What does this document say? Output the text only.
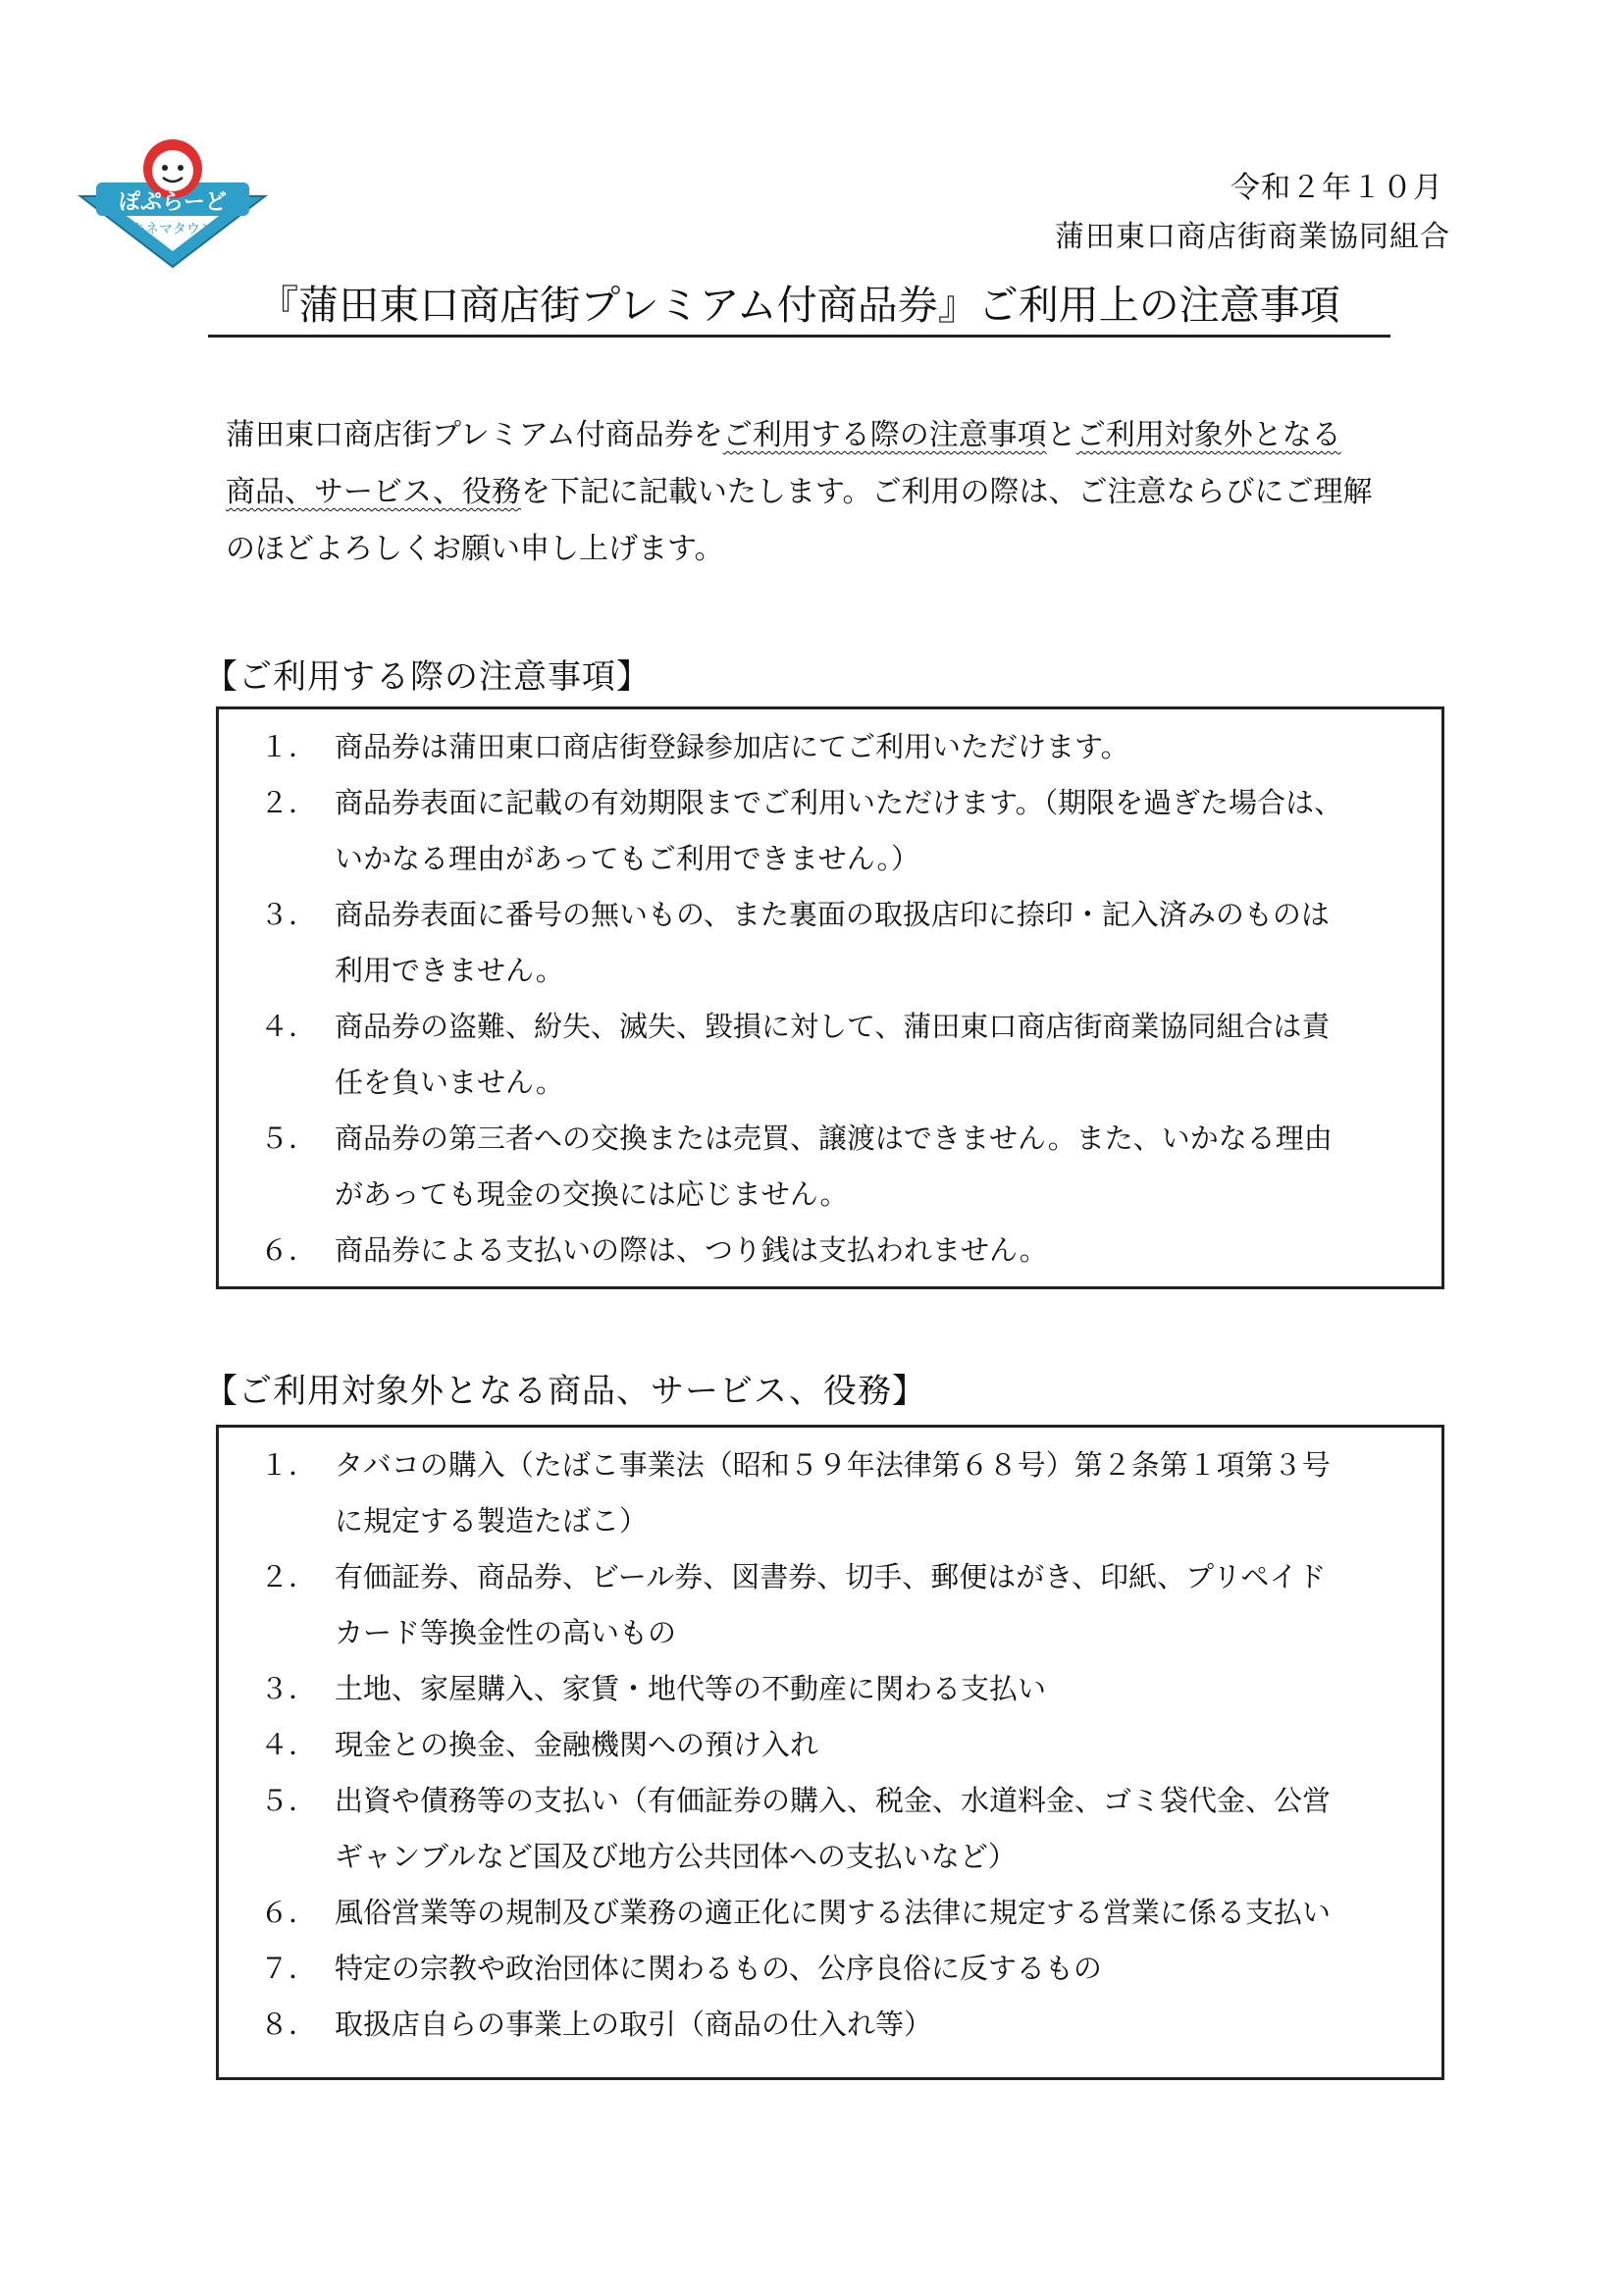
ぽぷらーど
キネマタウン
令和２年１０月
蒲田東口商店街商業協同組合
『蒲田東口商店街プレミアム付商品券』ご利用上の注意事項
蒲田東口商店街プレミアム付商品券をご利用する際の注意事項とご利用対象外となる
商品、サービス、役務を下記に記載いたします。ご利用の際は、ご注意ならびにご理解
のほどよろしくお願い申し上げます。
【ご利用する際の注意事項】
１． 商品券は蒲田東口商店街登録参加店にてご利用いただけます。
２． 商品券表面に記載の有効期限までご利用いただけます。（期限を過ぎた場合は、
いかなる理由があってもご利用できません。）
３． 商品券表面に番号の無いもの、また裏面の取扱店印に捺印・記入済みのものは
利用できません。
４． 商品券の盗難、紛失、滅失、毀損に対して、蒲田東口商店街商業協同組合は責
任を負いません。
５． 商品券の第三者への交換または売買、譲渡はできません。また、いかなる理由
があっても現金の交換には応じません。
６． 商品券による支払いの際は、つり銭は支払われません。
【ご利用対象外となる商品、サービス、役務】
１． タバコの購入（たばこ事業法（昭和５９年法律第６８号）第２条第１項第３号
に規定する製造たばこ）
２． 有価証券、商品券、ビール券、図書券、切手、郵便はがき、印紙、プリペイド
カード等換金性の高いもの
３． 土地、家屋購入、家賃・地代等の不動産に関わる支払い
４． 現金との換金、金融機関への預け入れ
５． 出資や債務等の支払い（有価証券の購入、税金、水道料金、ゴミ袋代金、公営
ギャンブルなど国及び地方公共団体への支払いなど）
６． 風俗営業等の規制及び業務の適正化に関する法律に規定する営業に係る支払い
７． 特定の宗教や政治団体に関わるもの、公序良俗に反するもの
８． 取扱店自らの事業上の取引（商品の仕入れ等）
